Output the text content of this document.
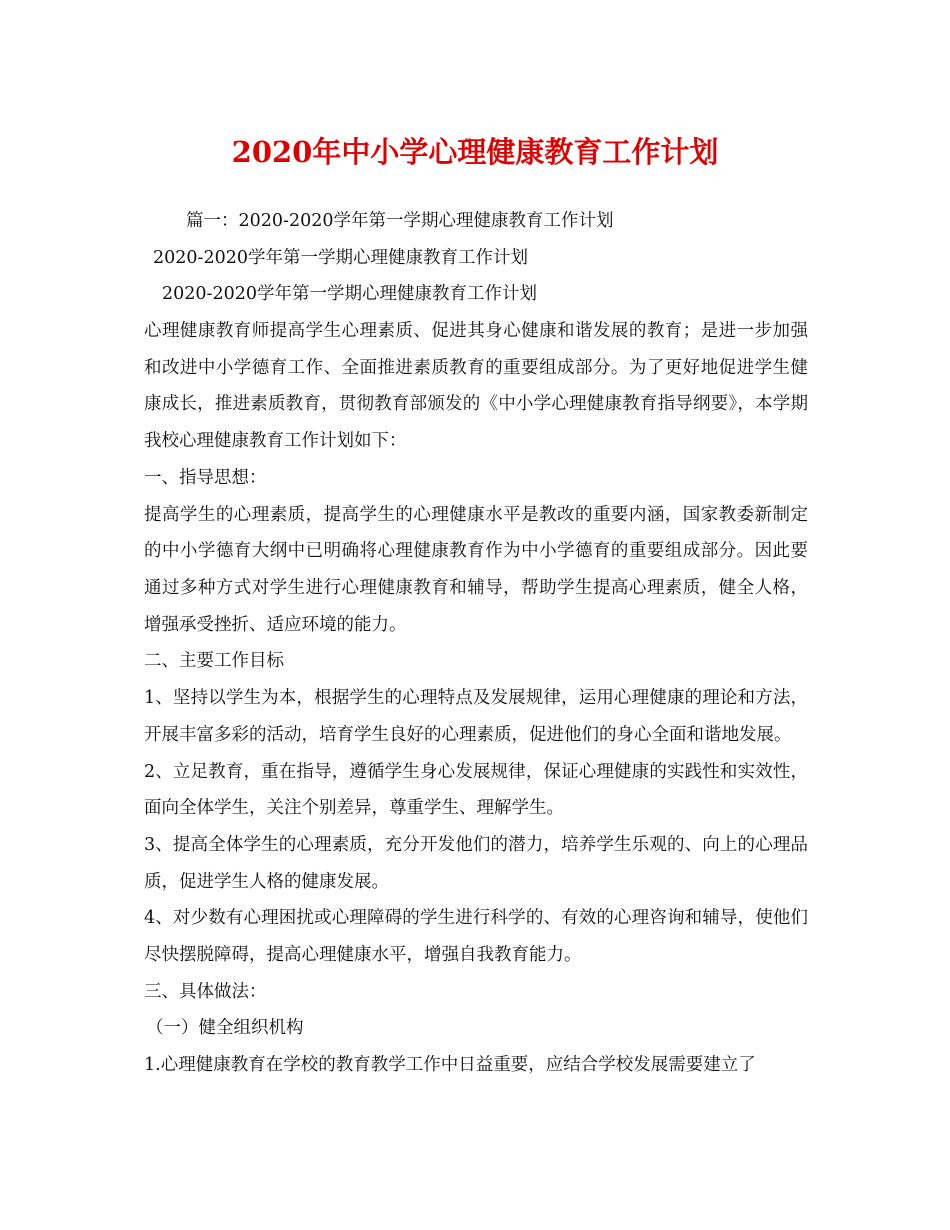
2020年中小学心理健康教育工作计划
篇一：2020-2020学年第一学期心理健康教育工作计划
2020-2020学年第一学期心理健康教育工作计划
2020-2020学年第一学期心理健康教育工作计划
心理健康教育师提高学生心理素质、促进其身心健康和谐发展的教育；是进一步加强和改进中小学德育工作、全面推进素质教育的重要组成部分。为了更好地促进学生健康成长，推进素质教育，贯彻教育部颁发的《中小学心理健康教育指导纲要》，本学期我校心理健康教育工作计划如下：
一、指导思想：
提高学生的心理素质，提高学生的心理健康水平是教改的重要内涵，国家教委新制定的中小学德育大纲中已明确将心理健康教育作为中小学德育的重要组成部分。因此要通过多种方式对学生进行心理健康教育和辅导，帮助学生提高心理素质，健全人格，增强承受挫折、适应环境的能力。
二、主要工作目标
1、坚持以学生为本，根据学生的心理特点及发展规律，运用心理健康的理论和方法，开展丰富多彩的活动，培育学生良好的心理素质，促进他们的身心全面和谐地发展。
2、立足教育，重在指导，遵循学生身心发展规律，保证心理健康的实践性和实效性，面向全体学生，关注个别差异，尊重学生、理解学生。
3、提高全体学生的心理素质，充分开发他们的潜力，培养学生乐观的、向上的心理品质，促进学生人格的健康发展。
4、对少数有心理困扰或心理障碍的学生进行科学的、有效的心理咨询和辅导，使他们尽快摆脱障碍，提高心理健康水平，增强自我教育能力。
三、具体做法：
（一）健全组织机构
1.心理健康教育在学校的教育教学工作中日益重要，应结合学校发展需要建立了
